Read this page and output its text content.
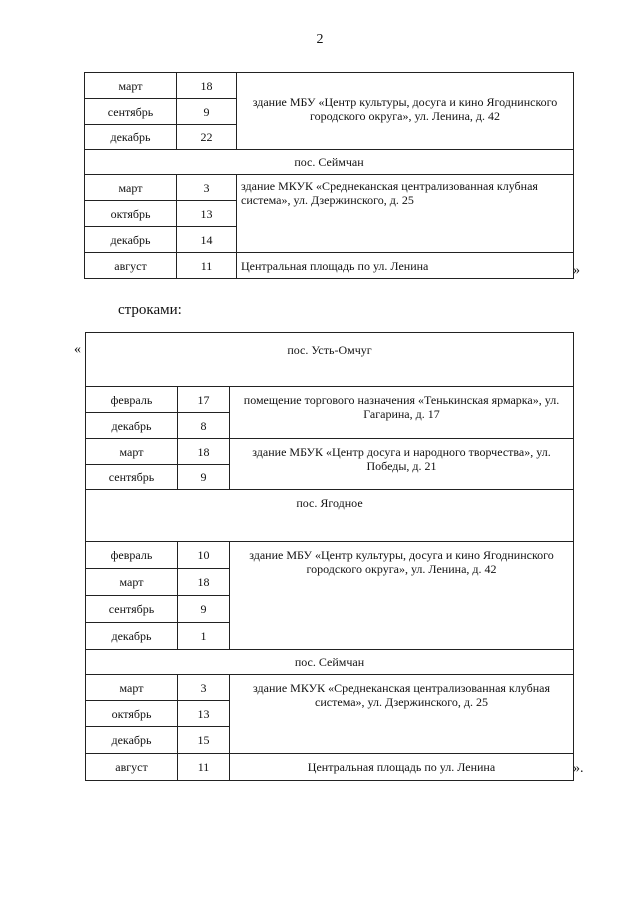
2
март	18	здание МБУ «Центр культуры, досуга и кино Ягоднинского городского округа», ул. Ленина, д. 42
сентябрь	9	
декабрь	22	
пос. Сеймчан		
март	3	здание МКУК «Среднеканская централизованная клубная система», ул. Дзержинского, д. 25
октябрь	13	
декабрь	14	
август	11	Центральная площадь по ул. Ленина	»
строками:
«	пос. Усть-Омчуг		
февраль	17	помещение торгового назначения «Тенькинская ярмарка», ул. Гагарина, д. 17
декабрь	8	
март	18	здание МБУК «Центр досуга и народного творчества», ул. Победы, д. 21
сентябрь	9	
пос. Ягодное		
февраль	10	здание МБУ «Центр культуры, досуга и кино Ягоднинского городского округа», ул. Ленина, д. 42
март	18	
сентябрь	9	
декабрь	1	
пос. Сеймчан		
март	3	здание МКУК «Среднеканская централизованная клубная система», ул. Дзержинского, д. 25
октябрь	13	
декабрь	15	
август	11	Центральная площадь по ул. Ленина	».
